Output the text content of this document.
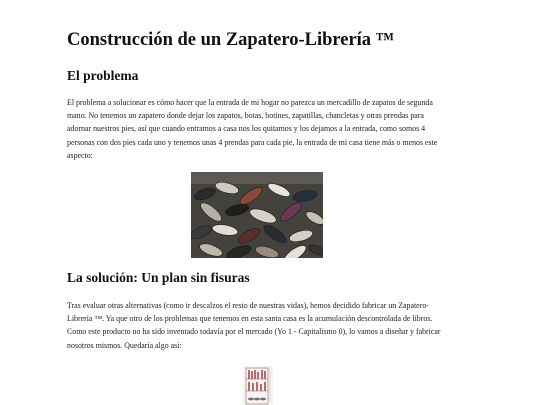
Construcción de un Zapatero-Librería ™
El problema

El problema a solucionar es cómo hacer que la entrada de mi hogar no parezca un mercadillo de zapatos de segunda mano. No tenemos un zapatero donde dejar los zapatos, botas, botines, zapatillas, chancletas y otras prendas para adornar nuestros pies, así que cuando entramos a casa nos los quitamos y los dejamos a la entrada, como somos 4 personas con dos pies cada uno y tenemos unas 4 prendas para cada pie, la entrada de mi casa tiene más o menos este aspecto:

La solución: Un plan sin fisuras

Tras evaluar otras alternativas (como ir descalzos el resto de nuestras vidas), hemos decidido fabricar un Zapatero-Libreria ™. Ya que otro de los problemas que tenemos en esta santa casa es la acumulación descontrolada de libros. Como este producto no ha sido inventado todavía por el mercado (Yo 1 - Capitalismo 0), lo vamos a diseñar y fabricar nosotros mismos. Quedaría algo así:
